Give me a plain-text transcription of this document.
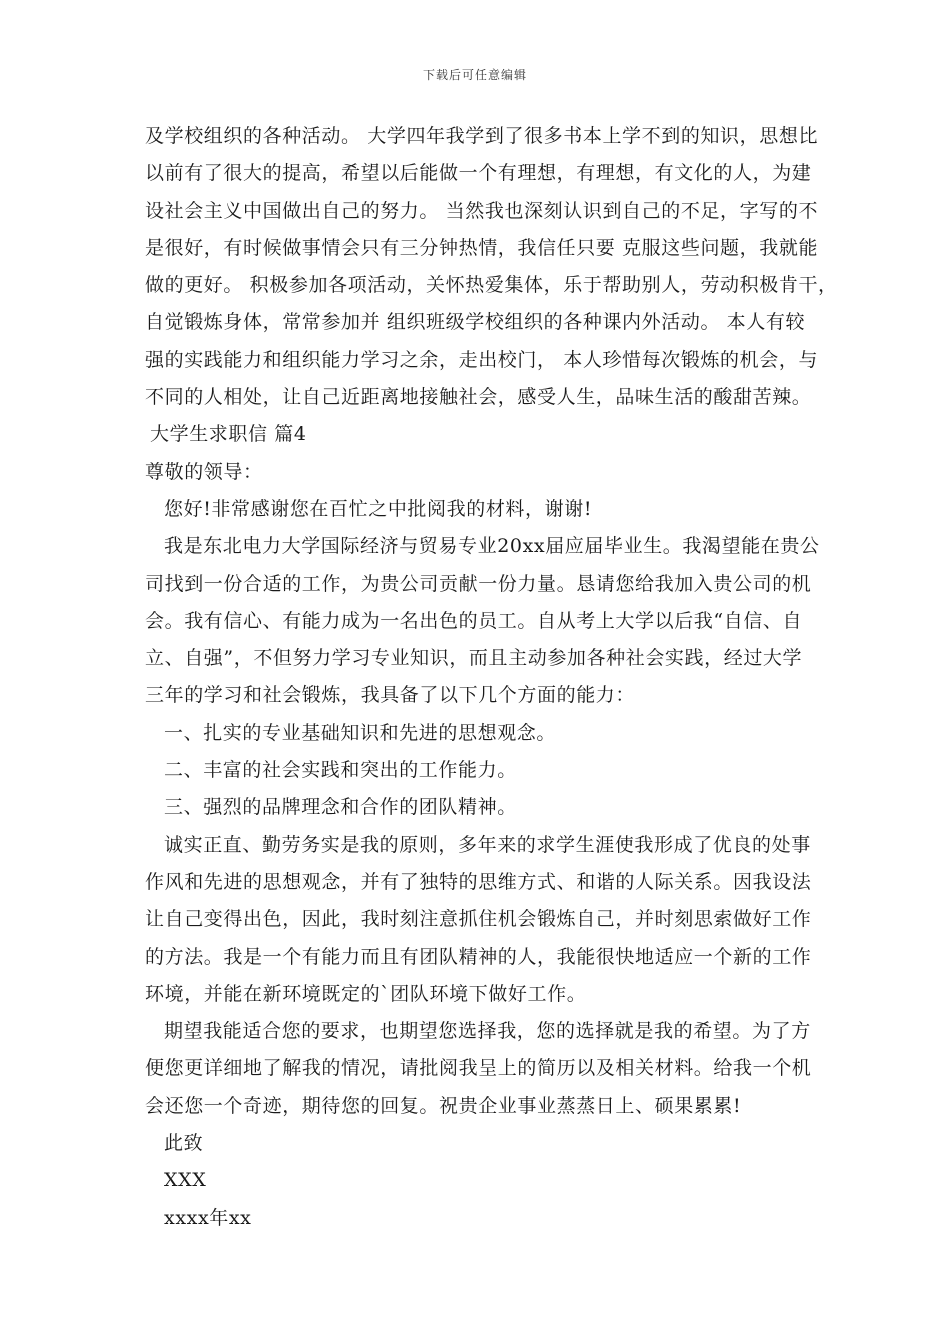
下载后可任意编辑
及学校组织的各种活动。 大学四年我学到了很多书本上学不到的知识，思想比
以前有了很大的提高，希望以后能做一个有理想，有理想，有文化的人，为建
设社会主义中国做出自己的努力。 当然我也深刻认识到自己的不足，字写的不
是很好，有时候做事情会只有三分钟热情，我信任只要 克服这些问题，我就能
做的更好。 积极参加各项活动，关怀热爱集体，乐于帮助别人，劳动积极肯干，
自觉锻炼身体，常常参加并 组织班级学校组织的各种课内外活动。 本人有较
强的实践能力和组织能力学习之余，走出校门， 本人珍惜每次锻炼的机会，与
不同的人相处，让自己近距离地接触社会，感受人生，品味生活的酸甜苦辣。
大学生求职信 篇4
尊敬的领导：
您好!非常感谢您在百忙之中批阅我的材料，谢谢!
我是东北电力大学国际经济与贸易专业20xx届应届毕业生。我渴望能在贵公
司找到一份合适的工作，为贵公司贡献一份力量。恳请您给我加入贵公司的机
会。我有信心、有能力成为一名出色的员工。自从考上大学以后我“自信、自
立、自强”，不但努力学习专业知识，而且主动参加各种社会实践，经过大学
三年的学习和社会锻炼，我具备了以下几个方面的能力：
一、扎实的专业基础知识和先进的思想观念。
二、丰富的社会实践和突出的工作能力。
三、强烈的品牌理念和合作的团队精神。
诚实正直、勤劳务实是我的原则，多年来的求学生涯使我形成了优良的处事
作风和先进的思想观念，并有了独特的思维方式、和谐的人际关系。因我设法
让自己变得出色，因此，我时刻注意抓住机会锻炼自己，并时刻思索做好工作
的方法。我是一个有能力而且有团队精神的人，我能很快地适应一个新的工作
环境，并能在新环境既定的`团队环境下做好工作。
期望我能适合您的要求，也期望您选择我，您的选择就是我的希望。为了方
便您更详细地了解我的情况，请批阅我呈上的简历以及相关材料。给我一个机
会还您一个奇迹，期待您的回复。祝贵企业事业蒸蒸日上、硕果累累!
此致
XXX
xxxx年xx
